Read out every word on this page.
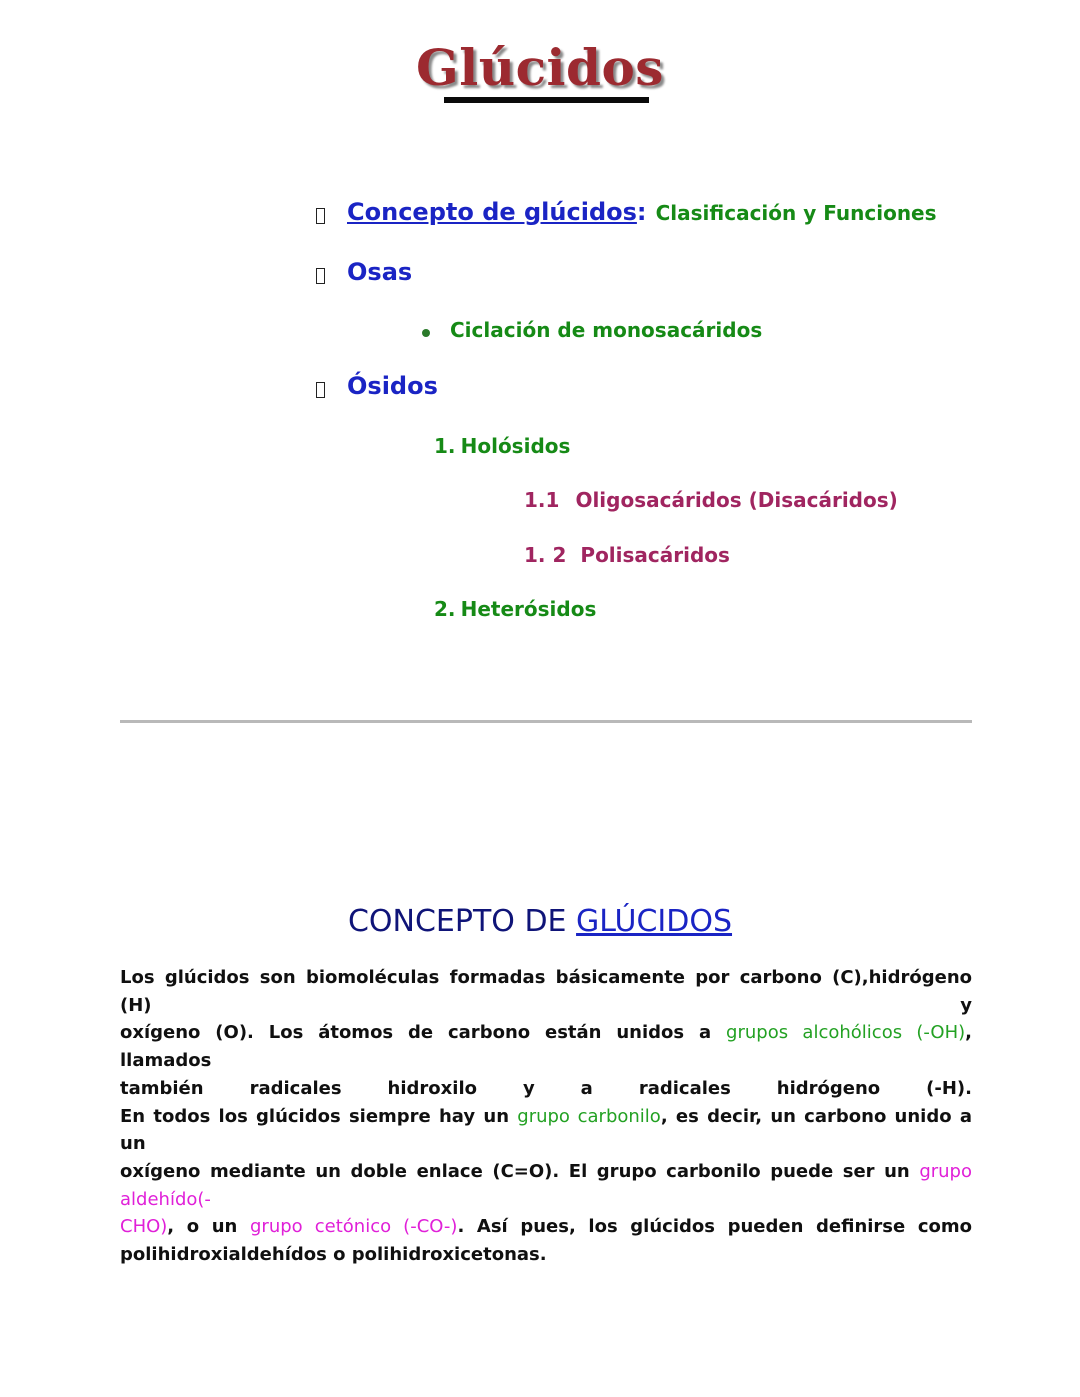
Glúcidos
Concepto de glúcidos: Clasificación y Funciones
Osas
Ciclación de monosacáridos
Ósidos
1. Holósidos
1.1 Oligosacáridos (Disacáridos)
1. 2 Polisacáridos
2. Heterósidos
CONCEPTO DE GLÚCIDOS
Los glúcidos son biomoléculas formadas básicamente por carbono (C),hidrógeno (H) y
oxígeno (O). Los átomos de carbono están unidos a grupos alcohólicos (-OH), llamados
también radicales hidroxilo y a radicales hidrógeno (-H).
En todos los glúcidos siempre hay un grupo carbonilo, es decir, un carbono unido a un
oxígeno mediante un doble enlace (C=O). El grupo carbonilo puede ser un grupo aldehído(-
CHO), o un grupo cetónico (-CO-). Así pues, los glúcidos pueden definirse como
polihidroxialdehídos o polihidroxicetonas.
